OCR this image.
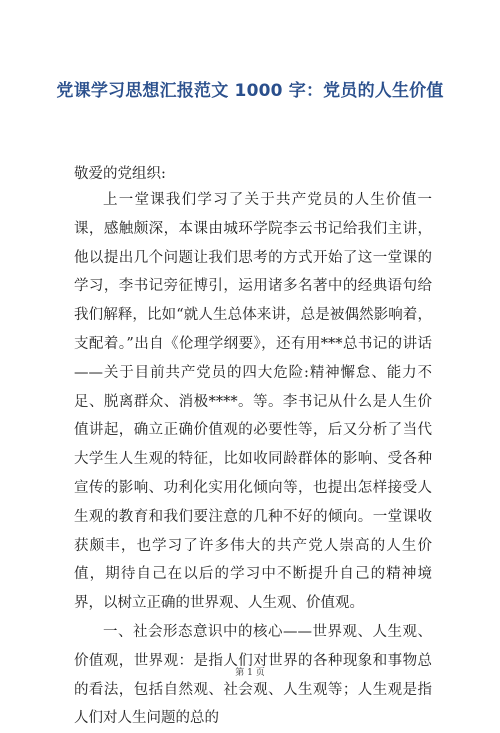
党课学习思想汇报范文 1000 字：党员的人生价值
敬爱的党组织:

上一堂课我们学习了关于共产党员的人生价值一课，感触颇深，本课由城环学院李云书记给我们主讲，他以提出几个问题让我们思考的方式开始了这一堂课的学习，李书记旁征博引，运用诸多名著中的经典语句给我们解释，比如“就人生总体来讲，总是被偶然影响着，支配着。”出自《伦理学纲要》，还有用***总书记的讲话——关于目前共产党员的四大危险:精神懈怠、能力不足、脱离群众、消极****。等。李书记从什么是人生价值讲起，确立正确价值观的必要性等，后又分析了当代大学生人生观的特征，比如收同龄群体的影响、受各种宣传的影响、功利化实用化倾向等，也提出怎样接受人生观的教育和我们要注意的几种不好的倾向。一堂课收获颇丰，也学习了许多伟大的共产党人崇高的人生价值，期待自己在以后的学习中不断提升自己的精神境界，以树立正确的世界观、人生观、价值观。

一、社会形态意识中的核心——世界观、人生观、价值观，世界观：是指人们对世界的各种现象和事物总的看法，包括自然观、社会观、人生观等；人生观是指人们对人生问题的总的

第 1 页
